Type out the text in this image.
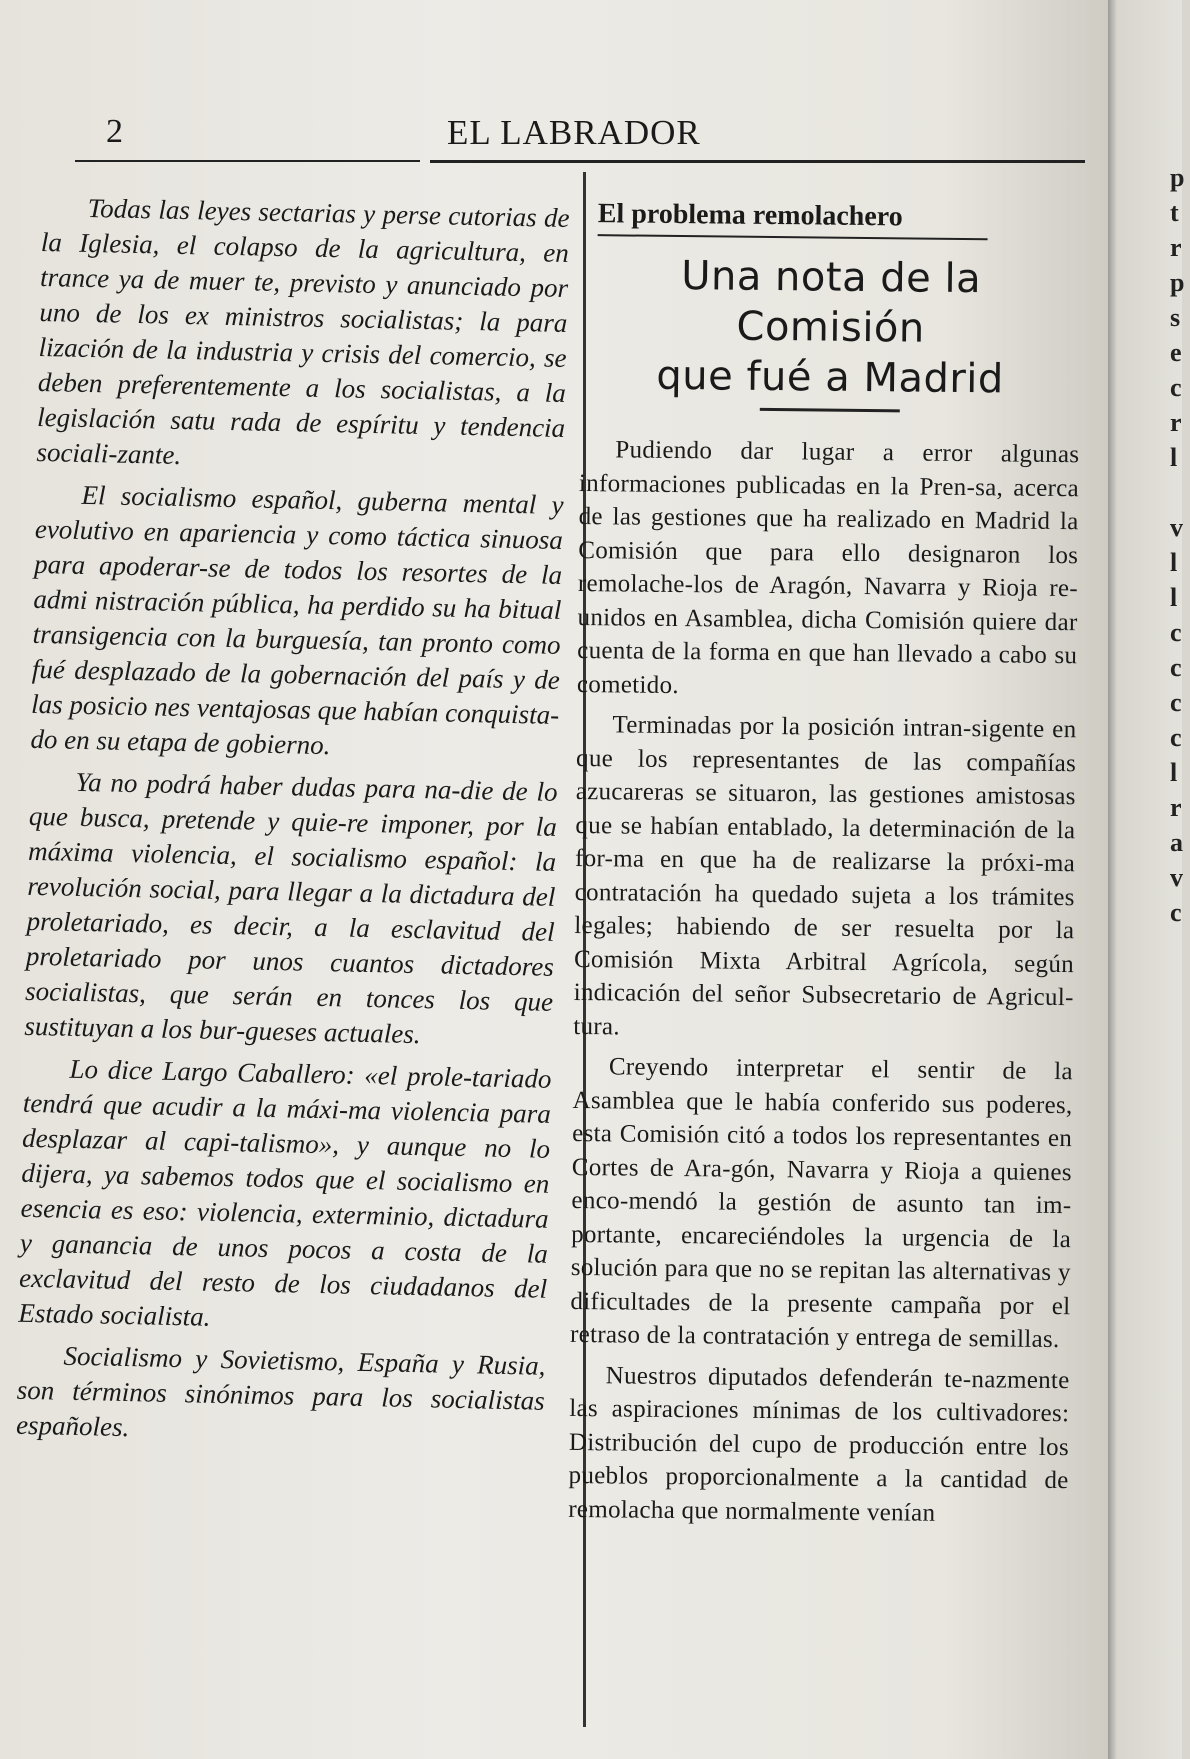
2	EL LABRADOR

Todas las leyes sectarias y perse cutorias de la Iglesia, el colapso de la agricultura, en trance ya de muer te, previsto y anunciado por uno de los ex ministros socialistas; la para lización de la industria y crisis del comercio, se deben preferentemente a los socialistas, a la legislación satu rada de espíritu y tendencia sociali-zante.

El socialismo español, guberna mental y evolutivo en apariencia y como táctica sinuosa para apoderar-se de todos los resortes de la admi nistración pública, ha perdido su ha bitual transigencia con la burguesía, tan pronto como fué desplazado de la gobernación del país y de las posicio nes ventajosas que habían conquista-do en su etapa de gobierno.

Ya no podrá haber dudas para na-die de lo que busca, pretende y quie-re imponer, por la máxima violencia, el socialismo español: la revolución social, para llegar a la dictadura del proletariado, es decir, a la esclavitud del proletariado por unos cuantos dictadores socialistas, que serán en tonces los que sustituyan a los bur-gueses actuales.

Lo dice Largo Caballero: «el prole-tariado tendrá que acudir a la máxi-ma violencia para desplazar al capi-talismo», y aunque no lo dijera, ya sabemos todos que el socialismo en esencia es eso: violencia, exterminio, dictadura y ganancia de unos pocos a costa de la exclavitud del resto de los ciudadanos del Estado socialista.

Socialismo y Sovietismo, España y Rusia, son términos sinónimos para los socialistas españoles.

El problema remolachero
Una nota de la Comisión
que fué a Madrid

Pudiendo dar lugar a error algunas informaciones publicadas en la Pren-sa, acerca de las gestiones que ha realizado en Madrid la Comisión que para ello designaron los remolache-los de Aragón, Navarra y Rioja re-unidos en Asamblea, dicha Comisión quiere dar cuenta de la forma en que han llevado a cabo su cometido.

Terminadas por la posición intran-sigente en que los representantes de las compañías azucareras se situaron, las gestiones amistosas que se habían entablado, la determinación de la for-ma en que ha de realizarse la próxi-ma contratación ha quedado sujeta a los trámites legales; habiendo de ser resuelta por la Comisión Mixta Arbitral Agrícola, según indicación del señor Subsecretario de Agricul-tura.

Creyendo interpretar el sentir de la Asamblea que le había conferido sus poderes, esta Comisión citó a todos los representantes en Cortes de Ara-gón, Navarra y Rioja a quienes enco-mendó la gestión de asunto tan im-portante, encareciéndoles la urgencia de la solución para que no se repitan las alternativas y dificultades de la presente campaña por el retraso de la contratación y entrega de semillas.

Nuestros diputados defenderán te-nazmente las aspiraciones mínimas de los cultivadores: Distribución del cupo de producción entre los pueblos proporcionalmente a la cantidad de remolacha que normalmente venían

p
t
r
p
s
e
c
r
l

v
l
l
c
c
c
c
l
r
a
v
c
